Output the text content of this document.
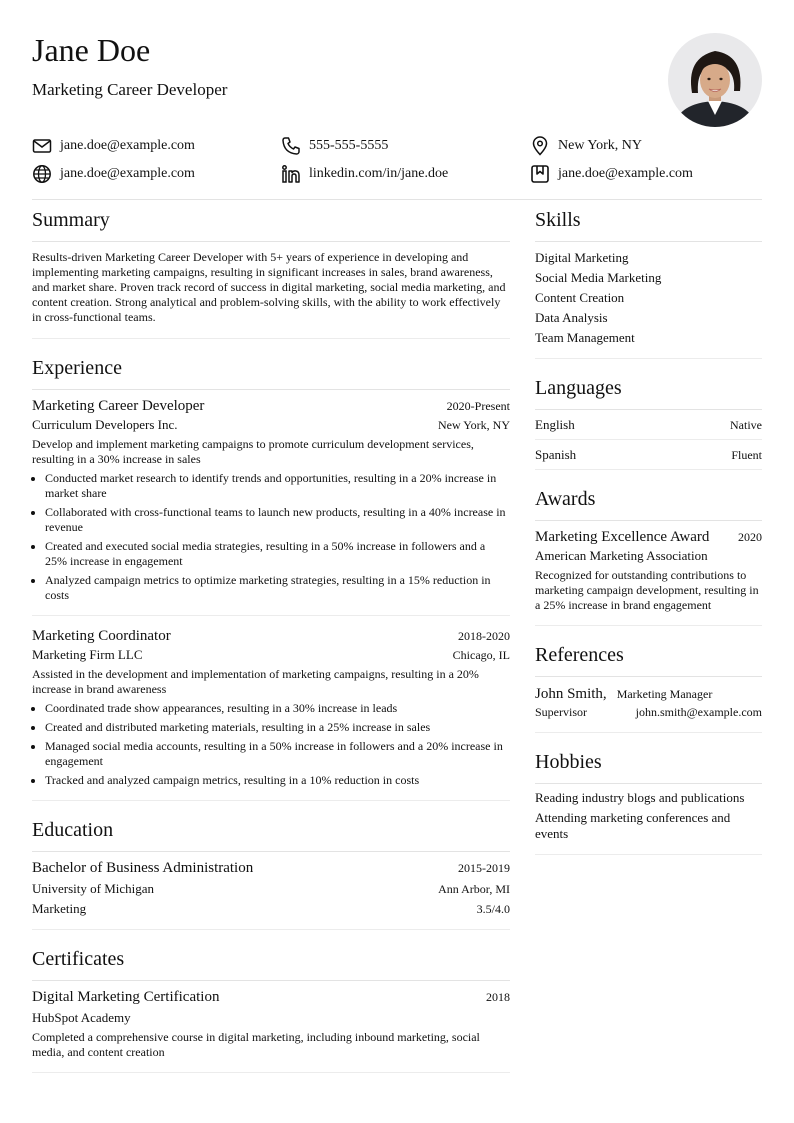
Jane Doe
Marketing Career Developer
jane.doe@example.com	555-555-5555	New York, NY
jane.doe@example.com	linkedin.com/in/jane.doe	jane.doe@example.com
Summary
Results-driven Marketing Career Developer with 5+ years of experience in developing and implementing marketing campaigns, resulting in significant increases in sales, brand awareness, and market share. Proven track record of success in digital marketing, social media marketing, and content creation. Strong analytical and problem-solving skills, with the ability to work effectively in cross-functional teams.
Experience
Marketing Career Developer	2020-Present
Curriculum Developers Inc.	New York, NY
Develop and implement marketing campaigns to promote curriculum development services, resulting in a 30% increase in sales
• Conducted market research to identify trends and opportunities, resulting in a 20% increase in market share
• Collaborated with cross-functional teams to launch new products, resulting in a 40% increase in revenue
• Created and executed social media strategies, resulting in a 50% increase in followers and a 25% increase in engagement
• Analyzed campaign metrics to optimize marketing strategies, resulting in a 15% reduction in costs
Marketing Coordinator	2018-2020
Marketing Firm LLC	Chicago, IL
Assisted in the development and implementation of marketing campaigns, resulting in a 20% increase in brand awareness
• Coordinated trade show appearances, resulting in a 30% increase in leads
• Created and distributed marketing materials, resulting in a 25% increase in sales
• Managed social media accounts, resulting in a 50% increase in followers and a 20% increase in engagement
• Tracked and analyzed campaign metrics, resulting in a 10% reduction in costs
Education
Bachelor of Business Administration	2015-2019
University of Michigan	Ann Arbor, MI
Marketing	3.5/4.0
Certificates
Digital Marketing Certification	2018
HubSpot Academy
Completed a comprehensive course in digital marketing, including inbound marketing, social media, and content creation
Skills
Digital Marketing
Social Media Marketing
Content Creation
Data Analysis
Team Management
Languages
English	Native
Spanish	Fluent
Awards
Marketing Excellence Award 2020
American Marketing Association
Recognized for outstanding contributions to marketing campaign development, resulting in a 25% increase in brand engagement
References
John Smith, Marketing Manager
Supervisor	john.smith@example.com
Hobbies
Reading industry blogs and publications
Attending marketing conferences and events
